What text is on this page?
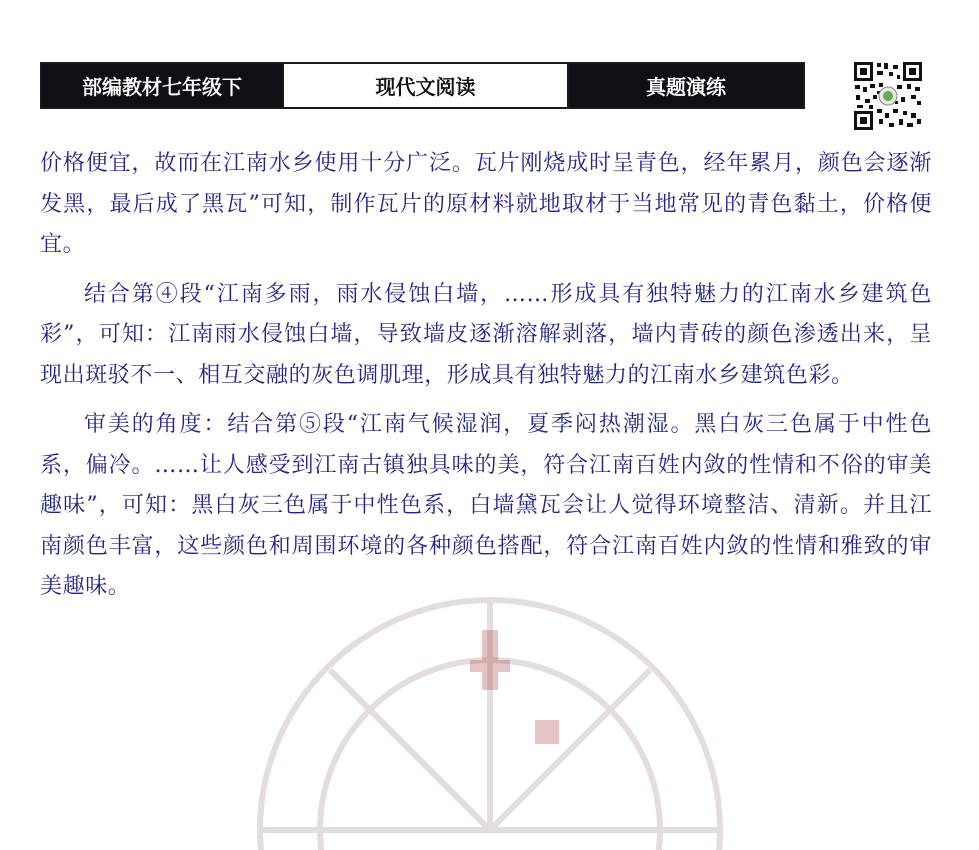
部编教材七年级下	现代文阅读	真题演练

价格便宜，故而在江南水乡使用十分广泛。瓦片刚烧成时呈青色，经年累月，颜色会逐渐发黑，最后成了黑瓦”可知，制作瓦片的原材料就地取材于当地常见的青色黏土，价格便宜。

结合第④段“江南多雨，雨水侵蚀白墙，……形成具有独特魅力的江南水乡建筑色彩”，可知：江南雨水侵蚀白墙，导致墙皮逐渐溶解剥落，墙内青砖的颜色渗透出来，呈现出斑驳不一、相互交融的灰色调肌理，形成具有独特魅力的江南水乡建筑色彩。

审美的角度：结合第⑤段“江南气候湿润，夏季闷热潮湿。黑白灰三色属于中性色系，偏冷。……让人感受到江南古镇独具味的美，符合江南百姓内敛的性情和不俗的审美趣味”，可知：黑白灰三色属于中性色系，白墙黛瓦会让人觉得环境整洁、清新。并且江南颜色丰富，这些颜色和周围环境的各种颜色搭配，符合江南百姓内敛的性情和雅致的审美趣味。
